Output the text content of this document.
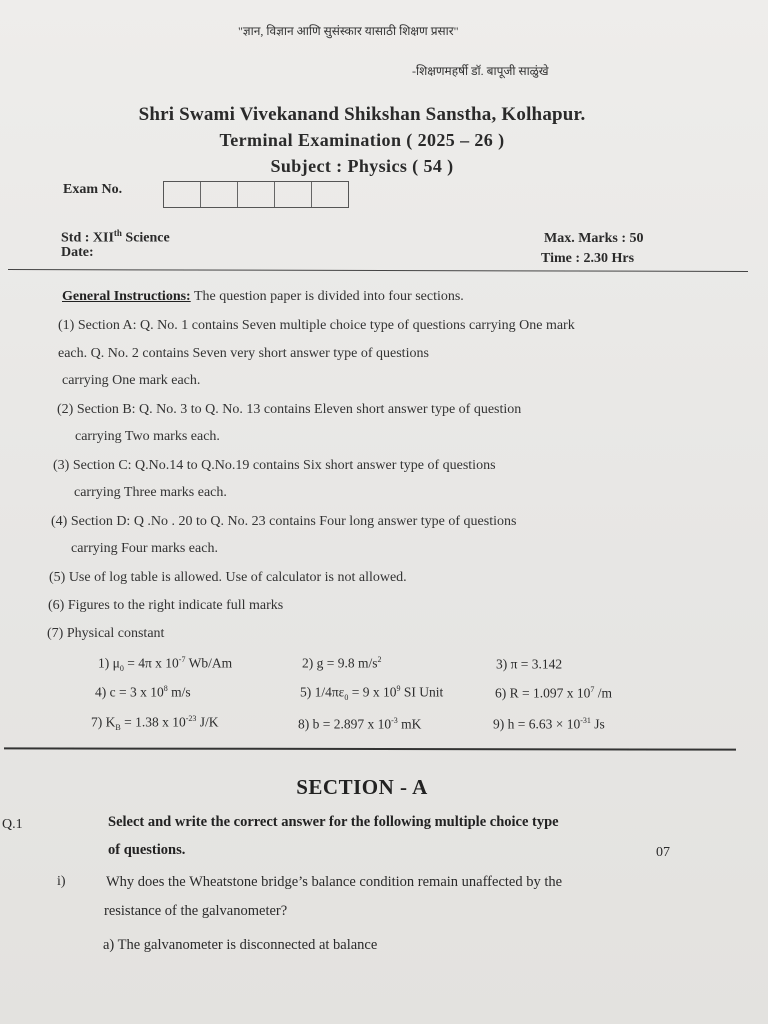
"ज्ञान, विज्ञान आणि सुसंस्कार यासाठी शिक्षण प्रसार"
-शिक्षणमहर्षी डॉ. बापूजी साळुंखे
Shri Swami Vivekanand Shikshan Sanstha, Kolhapur.
Terminal Examination ( 2025 – 26 )
Subject : Physics ( 54 )
Exam No.
Std : XIIth Science
Date:
Max. Marks : 50
Time : 2.30 Hrs
General Instructions: The question paper is divided into four sections.
(1) Section A: Q. No. 1 contains Seven multiple choice type of questions carrying One mark
each. Q. No. 2 contains Seven very short answer type of questions
carrying One mark each.
(2) Section B: Q. No. 3 to Q. No. 13 contains Eleven short answer type of question
carrying Two marks each.
(3) Section C: Q.No.14 to Q.No.19 contains Six short answer type of questions
carrying Three marks each.
(4) Section D: Q .No . 20 to Q. No. 23 contains Four long answer type of questions
carrying Four marks each.
(5) Use of log table is allowed. Use of calculator is not allowed.
(6) Figures to the right indicate full marks
(7) Physical constant
1) $\mu_0 = 4\pi$ x $10^{-7}$ Wb/Am	2) g = 9.8 $m/s^2$	3) π = 3.142
4) c = 3 x $10^8$ m/s	5) $1/4\pi\varepsilon_0 = 9$ x $10^9$ SI Unit	6) R = 1.097 x $10^7$ /m
7) $K_B = 1.38$ x $10^{-23}$ J/K	8) b = 2.897 x $10^{-3}$ mK	9) $h = 6.63 \times 10^{-31}$ Js
SECTION - A
Q.1	Select and write the correct answer for the following multiple choice type
of questions.	07
i)	Why does the Wheatstone bridge’s balance condition remain unaffected by the
resistance of the galvanometer?
a) The galvanometer is disconnected at balance
